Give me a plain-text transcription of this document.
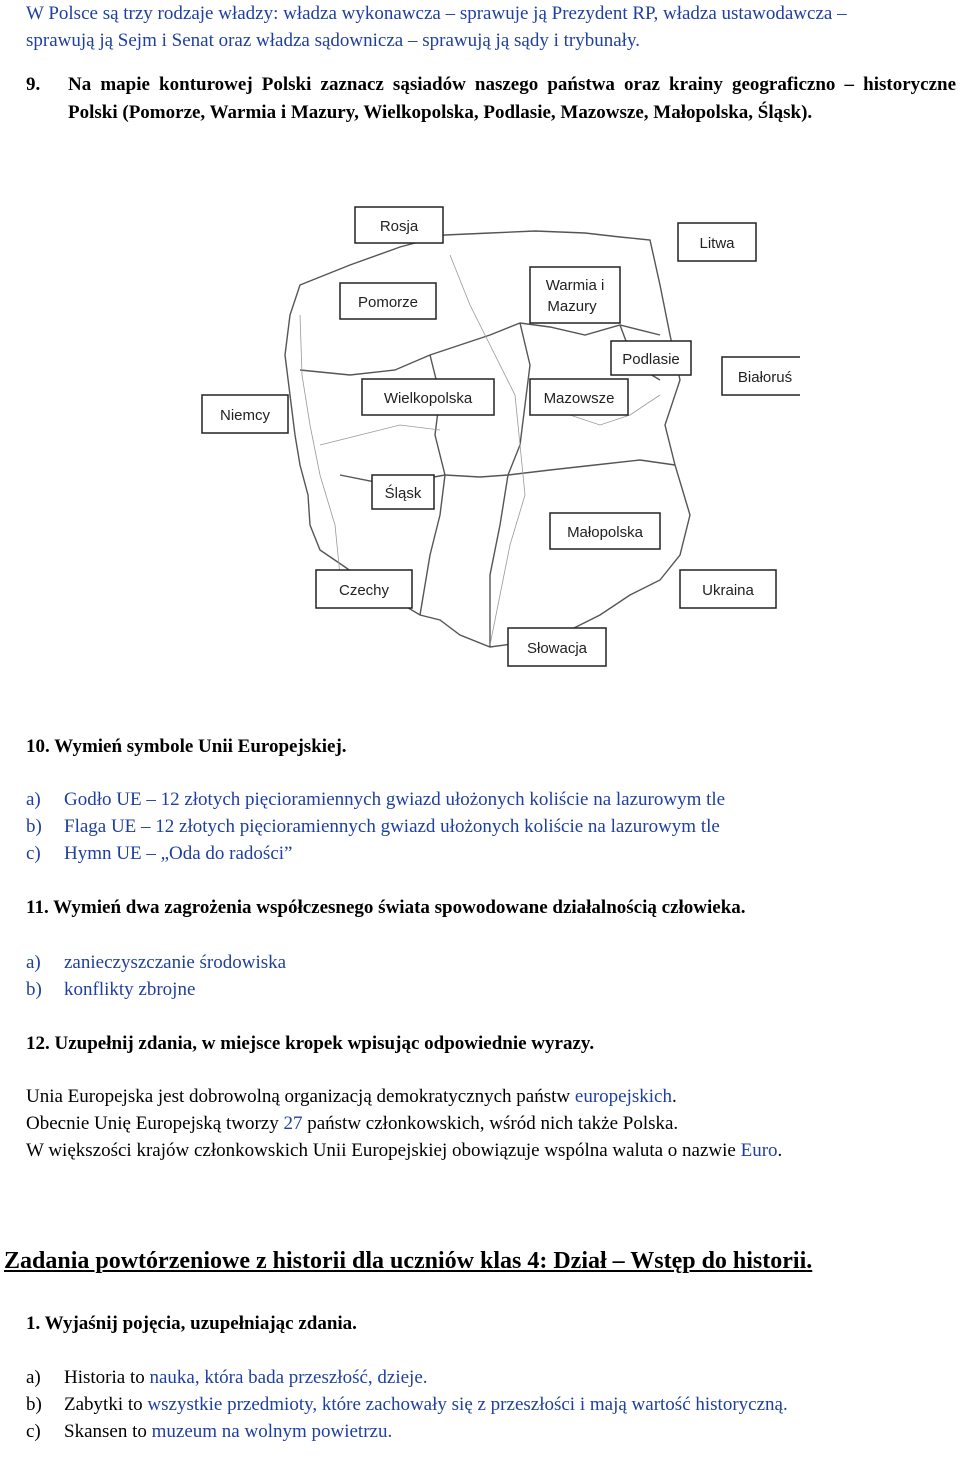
W Polsce są trzy rodzaje władzy: władza wykonawcza – sprawuje ją Prezydent RP, władza ustawodawcza –
sprawują ją Sejm i Senat oraz władza sądownicza – sprawują ją sądy i trybunały.
9. Na mapie konturowej Polski zaznacz sąsiadów naszego państwa oraz krainy geograficzno – historyczne Polski (Pomorze, Warmia i Mazury, Wielkopolska, Podlasie, Mazowsze, Małopolska, Śląsk).
Rosja
Litwa
Warmia i
Mazury
Pomorze
Podlasie
Białoruś
Niemcy
Wielkopolska	Mazowsze
Śląsk
Małopolska
Czechy	Ukraina
Słowacja
10. Wymień symbole Unii Europejskiej.
a) Godło UE – 12 złotych pięcioramiennych gwiazd ułożonych koliście na lazurowym tle
b) Flaga UE – 12 złotych pięcioramiennych gwiazd ułożonych koliście na lazurowym tle
c) Hymn UE – „Oda do radości”
11. Wymień dwa zagrożenia współczesnego świata spowodowane działalnością człowieka.
a) zanieczyszczanie środowiska
b) konflikty zbrojne
12. Uzupełnij zdania, w miejsce kropek wpisując odpowiednie wyrazy.
Unia Europejska jest dobrowolną organizacją demokratycznych państw europejskich.
Obecnie Unię Europejską tworzy 27 państw członkowskich, wśród nich także Polska.
W większości krajów członkowskich Unii Europejskiej obowiązuje wspólna waluta o nazwie Euro.
Zadania powtórzeniowe z historii dla uczniów klas 4: Dział – Wstęp do historii.
1. Wyjaśnij pojęcia, uzupełniając zdania.
a) Historia to nauka, która bada przeszłość, dzieje.
b)	Zabytki to wszystkie przedmioty, które zachowały się z przeszłości i mają wartość historyczną.
c) Skansen to muzeum na wolnym powietrzu.
